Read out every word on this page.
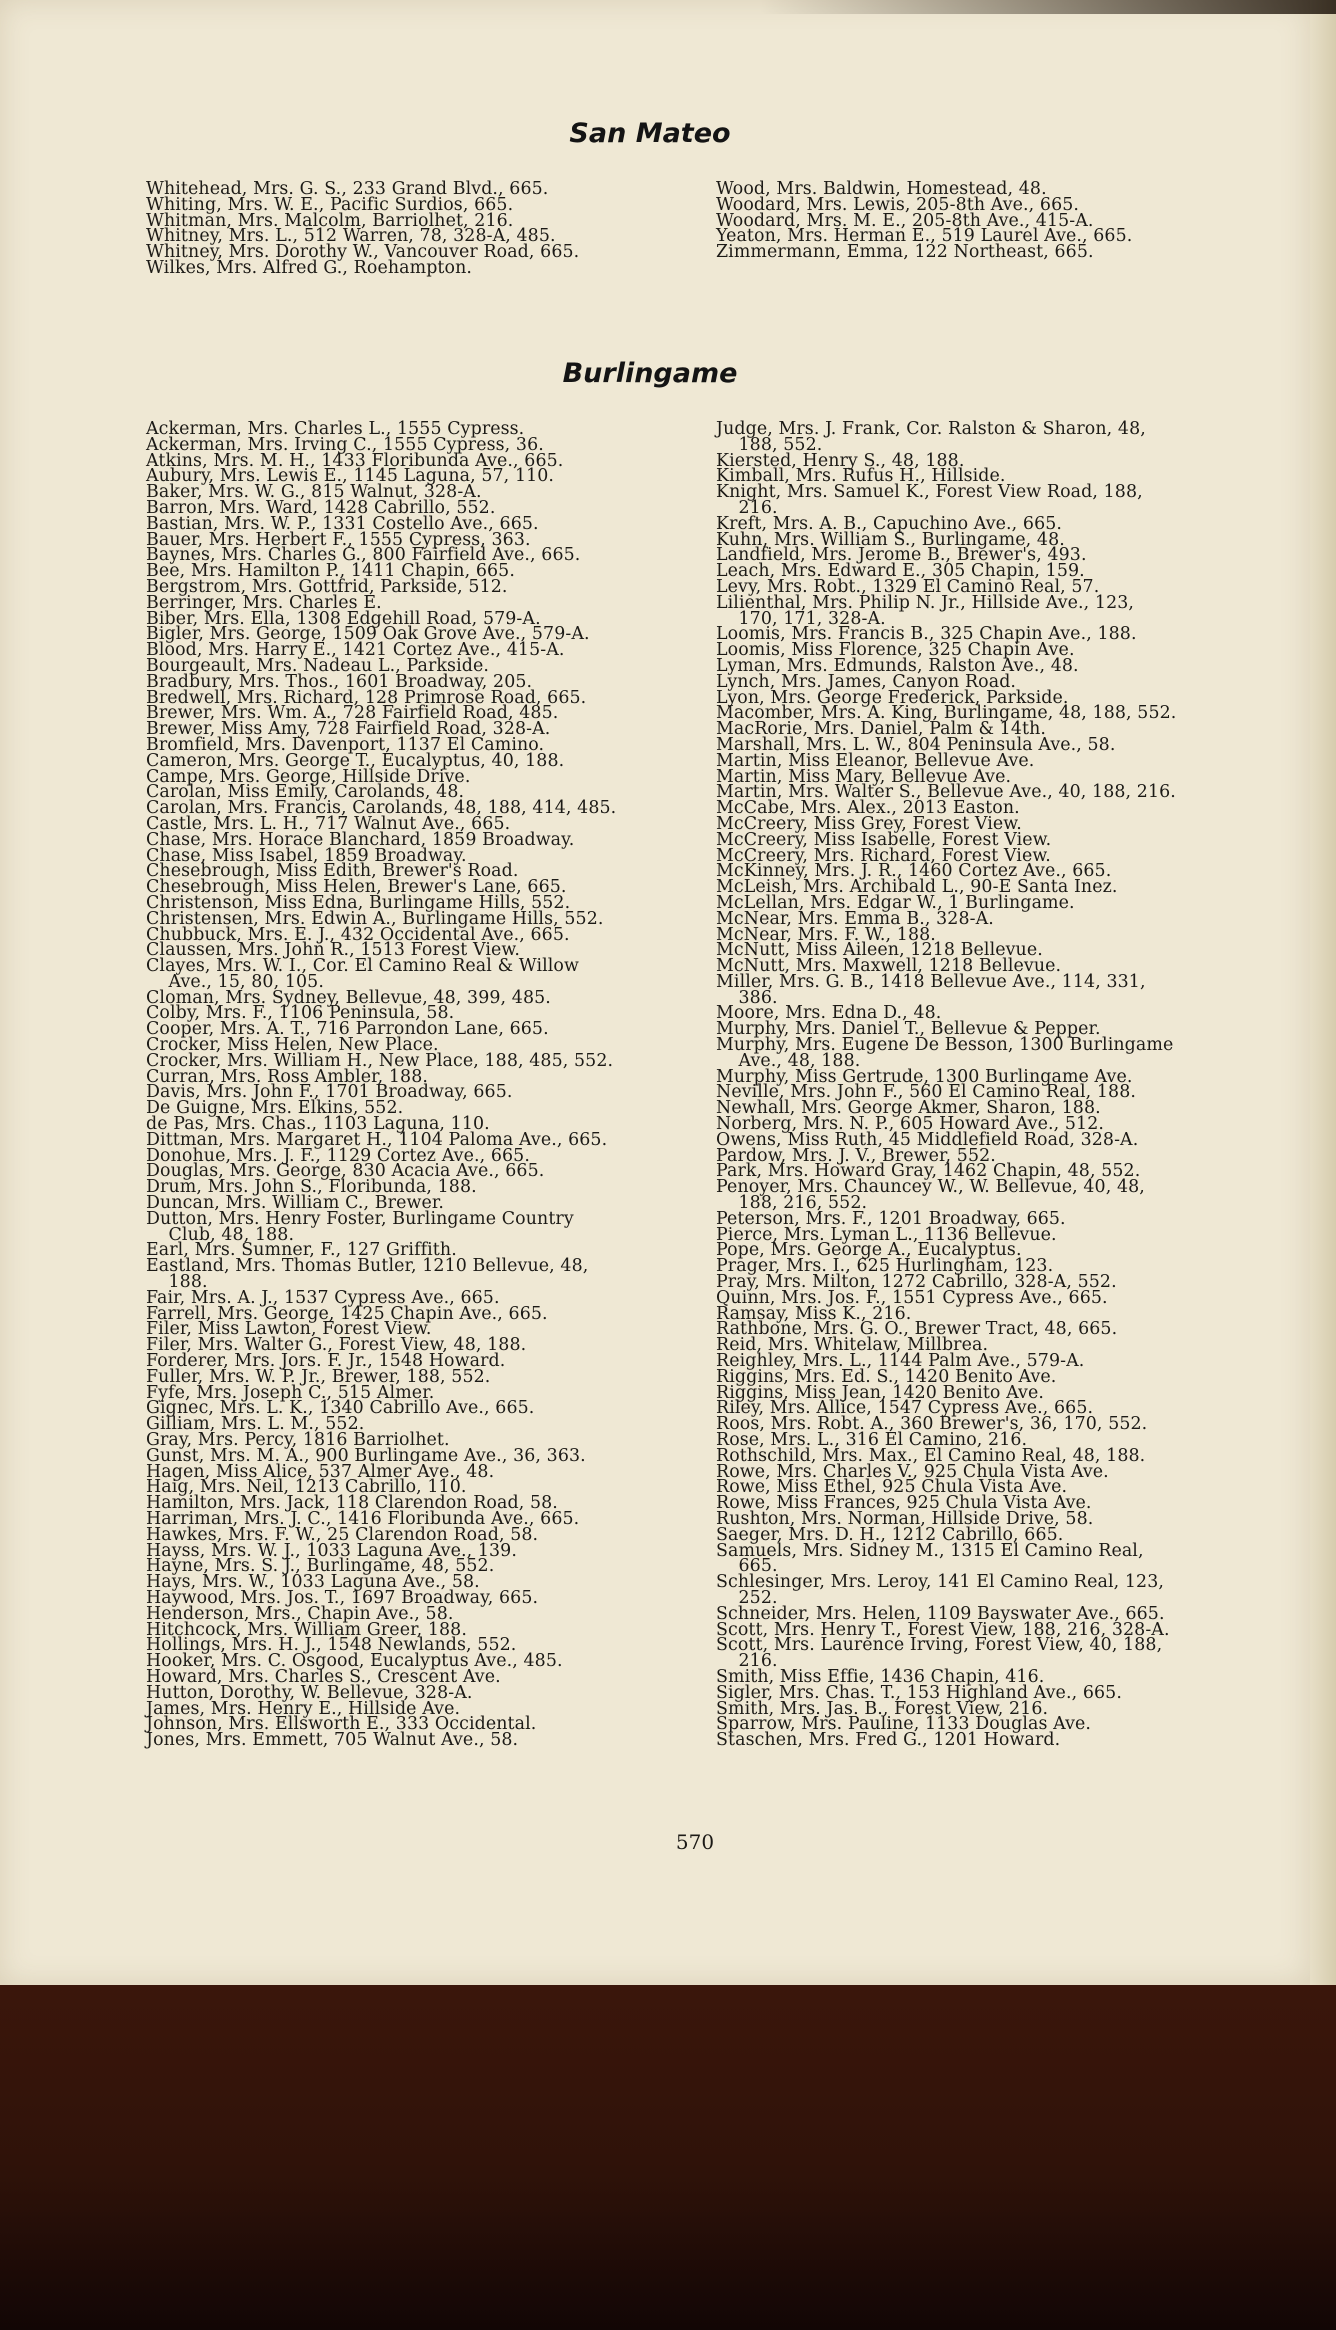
San Mateo
Whitehead, Mrs. G. S., 233 Grand Blvd., 665.
Whiting, Mrs. W. E., Pacific Surdios, 665.
Whitman, Mrs. Malcolm, Barriolhet, 216.
Whitney, Mrs. L., 512 Warren, 78, 328-A, 485.
Whitney, Mrs. Dorothy W., Vancouver Road, 665.
Wilkes, Mrs. Alfred G., Roehampton.
Wood, Mrs. Baldwin, Homestead, 48.
Woodard, Mrs. Lewis, 205-8th Ave., 665.
Woodard, Mrs. M. E., 205-8th Ave., 415-A.
Yeaton, Mrs. Herman E., 519 Laurel Ave., 665.
Zimmermann, Emma, 122 Northeast, 665.
Burlingame
Ackerman, Mrs. Charles L., 1555 Cypress.
Ackerman, Mrs. Irving C., 1555 Cypress, 36.
Atkins, Mrs. M. H., 1433 Floribunda Ave., 665.
Aubury, Mrs. Lewis E., 1145 Laguna, 57, 110.
Baker, Mrs. W. G., 815 Walnut, 328-A.
Barron, Mrs. Ward, 1428 Cabrillo, 552.
Bastian, Mrs. W. P., 1331 Costello Ave., 665.
Bauer, Mrs. Herbert F., 1555 Cypress, 363.
Baynes, Mrs. Charles G., 800 Fairfield Ave., 665.
Bee, Mrs. Hamilton P., 1411 Chapin, 665.
Bergstrom, Mrs. Gottfrid, Parkside, 512.
Berringer, Mrs. Charles E.
Biber, Mrs. Ella, 1308 Edgehill Road, 579-A.
Bigler, Mrs. George, 1509 Oak Grove Ave., 579-A.
Blood, Mrs. Harry E., 1421 Cortez Ave., 415-A.
Bourgeault, Mrs. Nadeau L., Parkside.
Bradbury, Mrs. Thos., 1601 Broadway, 205.
Bredwell, Mrs. Richard, 128 Primrose Road, 665.
Brewer, Mrs. Wm. A., 728 Fairfield Road, 485.
Brewer, Miss Amy, 728 Fairfield Road, 328-A.
Bromfield, Mrs. Davenport, 1137 El Camino.
Cameron, Mrs. George T., Eucalyptus, 40, 188.
Campe, Mrs. George, Hillside Drive.
Carolan, Miss Emily, Carolands, 48.
Carolan, Mrs. Francis, Carolands, 48, 188, 414, 485.
Castle, Mrs. L. H., 717 Walnut Ave., 665.
Chase, Mrs. Horace Blanchard, 1859 Broadway.
Chase, Miss Isabel, 1859 Broadway.
Chesebrough, Miss Edith, Brewer's Road.
Chesebrough, Miss Helen, Brewer's Lane, 665.
Christenson, Miss Edna, Burlingame Hills, 552.
Christensen, Mrs. Edwin A., Burlingame Hills, 552.
Chubbuck, Mrs. E. J., 432 Occidental Ave., 665.
Claussen, Mrs. John R., 1513 Forest View.
Clayes, Mrs. W. I., Cor. El Camino Real & Willow
Ave., 15, 80, 105.
Cloman, Mrs. Sydney, Bellevue, 48, 399, 485.
Colby, Mrs. F., 1106 Peninsula, 58.
Cooper, Mrs. A. T., 716 Parrondon Lane, 665.
Crocker, Miss Helen, New Place.
Crocker, Mrs. William H., New Place, 188, 485, 552.
Curran, Mrs. Ross Ambler, 188.
Davis, Mrs. John F., 1701 Broadway, 665.
De Guigne, Mrs. Elkins, 552.
de Pas, Mrs. Chas., 1103 Laguna, 110.
Dittman, Mrs. Margaret H., 1104 Paloma Ave., 665.
Donohue, Mrs. J. F., 1129 Cortez Ave., 665.
Douglas, Mrs. George, 830 Acacia Ave., 665.
Drum, Mrs. John S., Floribunda, 188.
Duncan, Mrs. William C., Brewer.
Dutton, Mrs. Henry Foster, Burlingame Country
Club, 48, 188.
Earl, Mrs. Sumner, F., 127 Griffith.
Eastland, Mrs. Thomas Butler, 1210 Bellevue, 48,
188.
Fair, Mrs. A. J., 1537 Cypress Ave., 665.
Farrell, Mrs. George, 1425 Chapin Ave., 665.
Filer, Miss Lawton, Forest View.
Filer, Mrs. Walter G., Forest View, 48, 188.
Forderer, Mrs. Jors. F. Jr., 1548 Howard.
Fuller, Mrs. W. P. Jr., Brewer, 188, 552.
Fyfe, Mrs. Joseph C., 515 Almer.
Gignec, Mrs. L. K., 1340 Cabrillo Ave., 665.
Gilliam, Mrs. L. M., 552.
Gray, Mrs. Percy, 1816 Barriolhet.
Gunst, Mrs. M. A., 900 Burlingame Ave., 36, 363.
Hagen, Miss Alice, 537 Almer Ave., 48.
Haig, Mrs. Neil, 1213 Cabrillo, 110.
Hamilton, Mrs. Jack, 118 Clarendon Road, 58.
Harriman, Mrs. J. C., 1416 Floribunda Ave., 665.
Hawkes, Mrs. F. W., 25 Clarendon Road, 58.
Hayss, Mrs. W. J., 1033 Laguna Ave., 139.
Hayne, Mrs. S. J., Burlingame, 48, 552.
Hays, Mrs. W., 1033 Laguna Ave., 58.
Haywood, Mrs. Jos. T., 1697 Broadway, 665.
Henderson, Mrs., Chapin Ave., 58.
Hitchcock, Mrs. William Greer, 188.
Hollings, Mrs. H. J., 1548 Newlands, 552.
Hooker, Mrs. C. Osgood, Eucalyptus Ave., 485.
Howard, Mrs. Charles S., Crescent Ave.
Hutton, Dorothy, W. Bellevue, 328-A.
James, Mrs. Henry E., Hillside Ave.
Johnson, Mrs. Ellsworth E., 333 Occidental.
Jones, Mrs. Emmett, 705 Walnut Ave., 58.
Judge, Mrs. J. Frank, Cor. Ralston & Sharon, 48,
188, 552.
Kiersted, Henry S., 48, 188.
Kimball, Mrs. Rufus H., Hillside.
Knight, Mrs. Samuel K., Forest View Road, 188,
216.
Kreft, Mrs. A. B., Capuchino Ave., 665.
Kuhn, Mrs. William S., Burlingame, 48.
Landfield, Mrs. Jerome B., Brewer's, 493.
Leach, Mrs. Edward E., 305 Chapin, 159.
Levy, Mrs. Robt., 1329 El Camino Real, 57.
Lilienthal, Mrs. Philip N. Jr., Hillside Ave., 123,
170, 171, 328-A.
Loomis, Mrs. Francis B., 325 Chapin Ave., 188.
Loomis, Miss Florence, 325 Chapin Ave.
Lyman, Mrs. Edmunds, Ralston Ave., 48.
Lynch, Mrs. James, Canyon Road.
Lyon, Mrs. George Frederick, Parkside.
Macomber, Mrs. A. King, Burlingame, 48, 188, 552.
MacRorie, Mrs. Daniel, Palm & 14th.
Marshall, Mrs. L. W., 804 Peninsula Ave., 58.
Martin, Miss Eleanor, Bellevue Ave.
Martin, Miss Mary, Bellevue Ave.
Martin, Mrs. Walter S., Bellevue Ave., 40, 188, 216.
McCabe, Mrs. Alex., 2013 Easton.
McCreery, Miss Grey, Forest View.
McCreery, Miss Isabelle, Forest View.
McCreery, Mrs. Richard, Forest View.
McKinney, Mrs. J. R., 1460 Cortez Ave., 665.
McLeish, Mrs. Archibald L., 90-E Santa Inez.
McLellan, Mrs. Edgar W., 1 Burlingame.
McNear, Mrs. Emma B., 328-A.
McNear, Mrs. F. W., 188.
McNutt, Miss Aileen, 1218 Bellevue.
McNutt, Mrs. Maxwell, 1218 Bellevue.
Miller, Mrs. G. B., 1418 Bellevue Ave., 114, 331,
386.
Moore, Mrs. Edna D., 48.
Murphy, Mrs. Daniel T., Bellevue & Pepper.
Murphy, Mrs. Eugene De Besson, 1300 Burlingame
Ave., 48, 188.
Murphy, Miss Gertrude, 1300 Burlingame Ave.
Neville, Mrs. John F., 560 El Camino Real, 188.
Newhall, Mrs. George Akmer, Sharon, 188.
Norberg, Mrs. N. P., 605 Howard Ave., 512.
Owens, Miss Ruth, 45 Middlefield Road, 328-A.
Pardow, Mrs. J. V., Brewer, 552.
Park, Mrs. Howard Gray, 1462 Chapin, 48, 552.
Penoyer, Mrs. Chauncey W., W. Bellevue, 40, 48,
188, 216, 552.
Peterson, Mrs. F., 1201 Broadway, 665.
Pierce, Mrs. Lyman L., 1136 Bellevue.
Pope, Mrs. George A., Eucalyptus.
Prager, Mrs. I., 625 Hurlingham, 123.
Pray, Mrs. Milton, 1272 Cabrillo, 328-A, 552.
Quinn, Mrs. Jos. F., 1551 Cypress Ave., 665.
Ramsay, Miss K., 216.
Rathbone, Mrs. G. O., Brewer Tract, 48, 665.
Reid, Mrs. Whitelaw, Millbrea.
Reighley, Mrs. L., 1144 Palm Ave., 579-A.
Riggins, Mrs. Ed. S., 1420 Benito Ave.
Riggins, Miss Jean, 1420 Benito Ave.
Riley, Mrs. Allice, 1547 Cypress Ave., 665.
Roos, Mrs. Robt. A., 360 Brewer's, 36, 170, 552.
Rose, Mrs. L., 316 El Camino, 216.
Rothschild, Mrs. Max., El Camino Real, 48, 188.
Rowe, Mrs. Charles V., 925 Chula Vista Ave.
Rowe, Miss Ethel, 925 Chula Vista Ave.
Rowe, Miss Frances, 925 Chula Vista Ave.
Rushton, Mrs. Norman, Hillside Drive, 58.
Saeger, Mrs. D. H., 1212 Cabrillo, 665.
Samuels, Mrs. Sidney M., 1315 El Camino Real,
665.
Schlesinger, Mrs. Leroy, 141 El Camino Real, 123,
252.
Schneider, Mrs. Helen, 1109 Bayswater Ave., 665.
Scott, Mrs. Henry T., Forest View, 188, 216, 328-A.
Scott, Mrs. Laurence Irving, Forest View, 40, 188,
216.
Smith, Miss Effie, 1436 Chapin, 416.
Sigler, Mrs. Chas. T., 153 Highland Ave., 665.
Smith, Mrs. Jas. B., Forest View, 216.
Sparrow, Mrs. Pauline, 1133 Douglas Ave.
Staschen, Mrs. Fred G., 1201 Howard.
570
